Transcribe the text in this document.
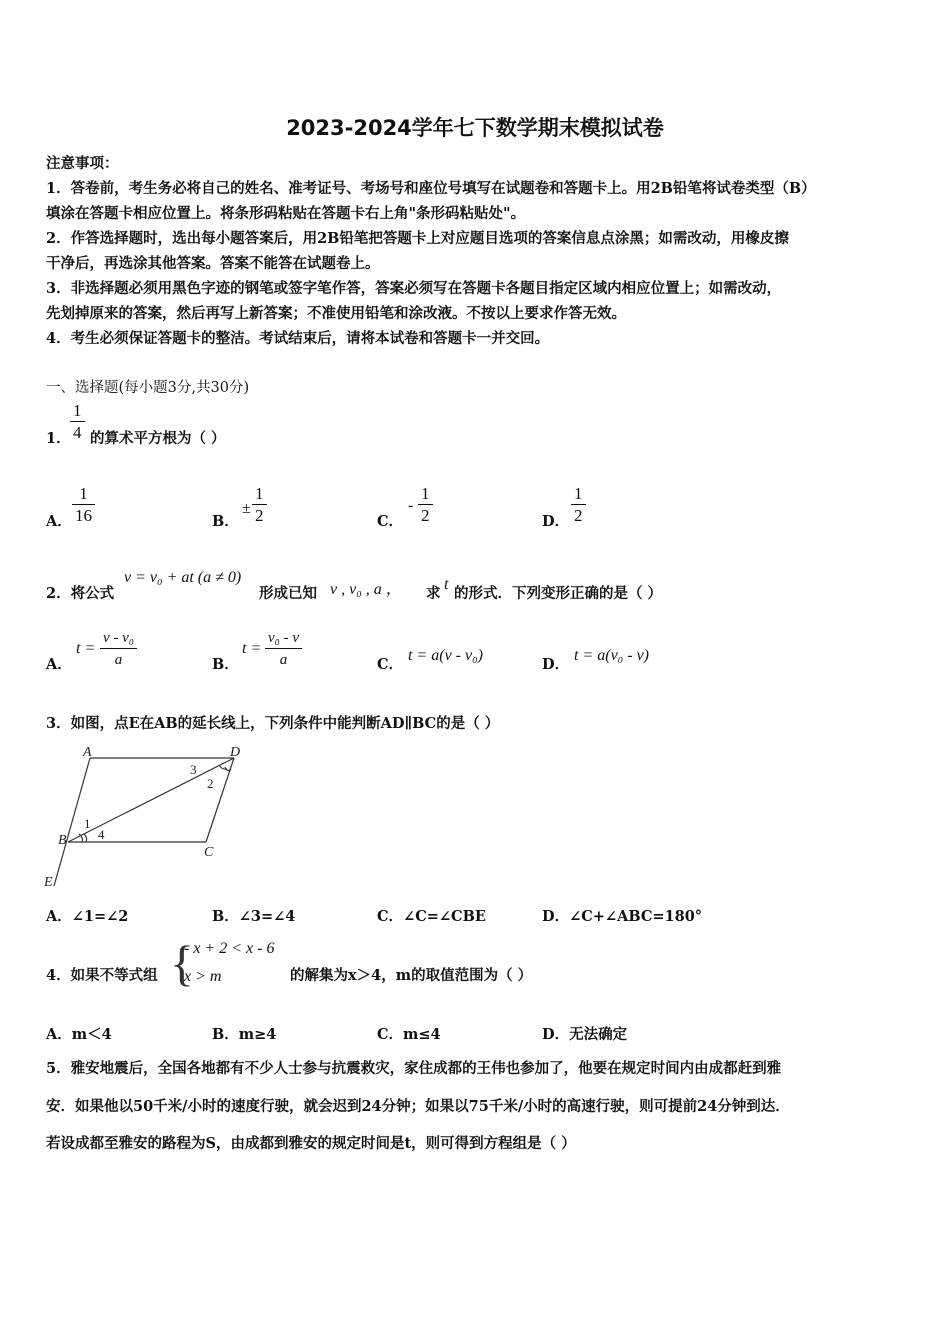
2023-2024学年七下数学期末模拟试卷
注意事项：
1．答卷前，考生务必将自己的姓名、准考证号、考场号和座位号填写在试题卷和答题卡上。用2B铅笔将试卷类型（B）
填涂在答题卡相应位置上。将条形码粘贴在答题卡右上角"条形码粘贴处"。
2．作答选择题时，选出每小题答案后，用2B铅笔把答题卡上对应题目选项的答案信息点涂黑；如需改动，用橡皮擦
干净后，再选涂其他答案。答案不能答在试题卷上。
3．非选择题必须用黑色字迹的钢笔或签字笔作答，答案必须写在答题卡各题目指定区域内相应位置上；如需改动，
先划掉原来的答案，然后再写上新答案；不准使用铅笔和涂改液。不按以上要求作答无效。
4．考生必须保证答题卡的整洁。考试结束后，请将本试卷和答题卡一并交回。
一、选择题(每小题3分,共30分)
1． $\frac{1}{4}$ 的算术平方根为（ ）
A． $\frac{1}{16}$	B．
± $\frac{1}{2}$	C．
- $\frac{1}{2}$	D． $\frac{1}{2}$
2．将公式
v = v₀ + at (a ≠ 0)
形成已知 v , v₀ , a ， 求
t
的形式．下列变形正确的是（ ）
A．
$t = \frac{\text{v - v₀}}{a}$	B．
$t = \frac{\text{v₀ - v}}{a}$	C．
t = a(v - v₀)
D．
t = a(v₀ - v)
3．如图，点E在AB的延长线上，下列条件中能判断AD∥BC的是（ ）
A	D
B
C
E
1
2
3
4
A．∠1=∠2	B．∠3=∠4	C．∠C=∠CBE	D．∠C+∠ABC=180°
4．如果不等式组 {
- x + 2 < x - 6
x > m	的解集为x＞4，m的取值范围为（ ）
A．m＜4	B．m≥4	C．m≤4	D．无法确定
5．雅安地震后，全国各地都有不少人士参与抗震救灾，家住成都的王伟也参加了，他要在规定时间内由成都赶到雅
安．如果他以50千米/小时的速度行驶，就会迟到24分钟；如果以75千米/小时的高速行驶，则可提前24分钟到达．
若设成都至雅安的路程为S，由成都到雅安的规定时间是t，则可得到方程组是（ ）
